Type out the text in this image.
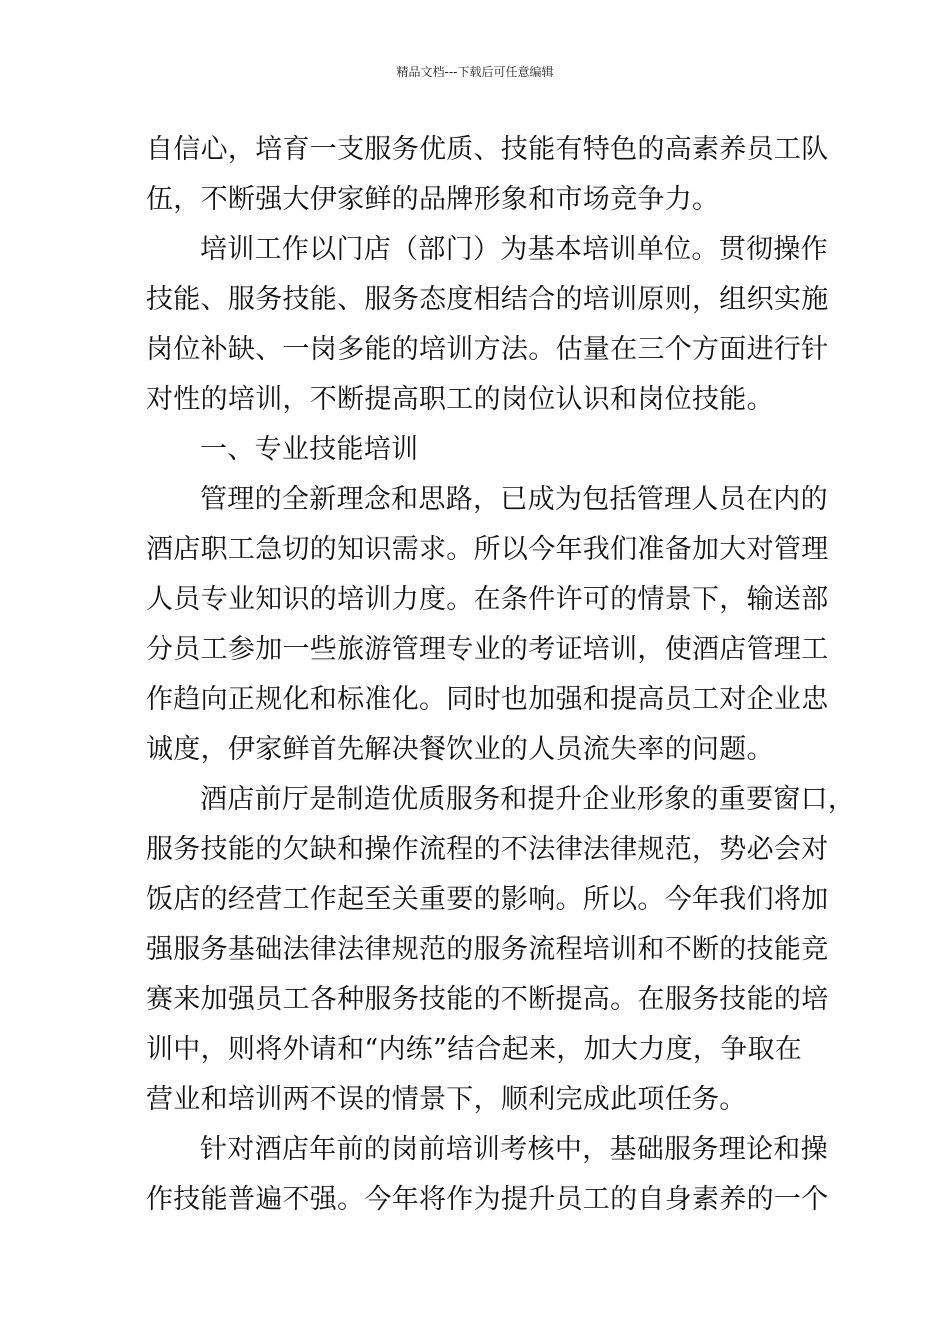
精品文档---下载后可任意编辑
自信心，培育一支服务优质、技能有特色的高素养员工队
伍，不断强大伊家鲜的品牌形象和市场竞争力。
培训工作以门店（部门）为基本培训单位。贯彻操作
技能、服务技能、服务态度相结合的培训原则，组织实施
岗位补缺、一岗多能的培训方法。估量在三个方面进行针
对性的培训，不断提高职工的岗位认识和岗位技能。
一、专业技能培训
管理的全新理念和思路，已成为包括管理人员在内的
酒店职工急切的知识需求。所以今年我们准备加大对管理
人员专业知识的培训力度。在条件许可的情景下，输送部
分员工参加一些旅游管理专业的考证培训，使酒店管理工
作趋向正规化和标准化。同时也加强和提高员工对企业忠
诚度，伊家鲜首先解决餐饮业的人员流失率的问题。
酒店前厅是制造优质服务和提升企业形象的重要窗口，
服务技能的欠缺和操作流程的不法律法律规范，势必会对
饭店的经营工作起至关重要的影响。所以。今年我们将加
强服务基础法律法律规范的服务流程培训和不断的技能竞
赛来加强员工各种服务技能的不断提高。在服务技能的培
训中，则将外请和“内练”结合起来，加大力度，争取在
营业和培训两不误的情景下，顺利完成此项任务。
针对酒店年前的岗前培训考核中，基础服务理论和操
作技能普遍不强。今年将作为提升员工的自身素养的一个
